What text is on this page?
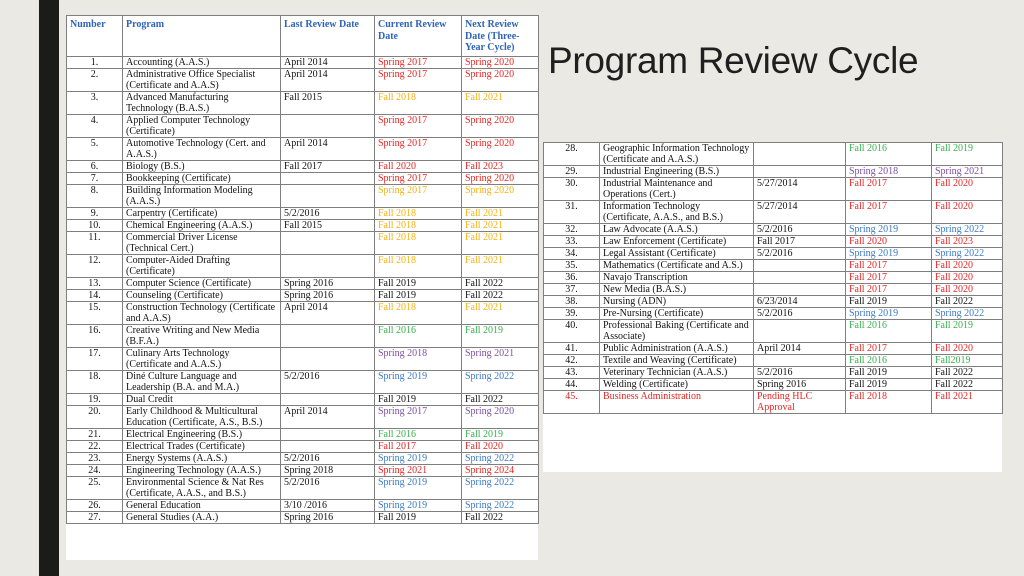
Program Review Cycle
Number	Program	Last Review Date	Current Review Date	Next Review Date (Three-Year Cycle)
1.	Accounting (A.A.S.)	April 2014	Spring 2017	Spring 2020
2.	Administrative Office Specialist (Certificate and A.A.S)	April 2014	Spring 2017	Spring 2020
3.	Advanced Manufacturing Technology (B.A.S.)	Fall 2015	Fall 2018	Fall 2021
4.	Applied Computer Technology (Certificate)		Spring 2017	Spring 2020
5.	Automotive Technology (Cert. and A.A.S.)	April 2014	Spring 2017	Spring 2020
6.	Biology (B.S.)	Fall 2017	Fall 2020	Fall 2023
7.	Bookkeeping (Certificate)		Spring 2017	Spring 2020
8.	Building Information Modeling (A.A.S.)		Spring 2017	Spring 2020
9.	Carpentry (Certificate)	5/2/2016	Fall 2018	Fall 2021
10.	Chemical Engineering (A.A.S.)	Fall 2015	Fall 2018	Fall 2021
11.	Commercial Driver License (Technical Cert.)		Fall 2018	Fall 2021
12.	Computer-Aided Drafting (Certificate)		Fall 2018	Fall 2021
13.	Computer Science (Certificate)	Spring 2016	Fall 2019	Fall 2022
14.	Counseling (Certificate)	Spring 2016	Fall 2019	Fall 2022
15.	Construction Technology (Certificate and A.A.S)	April 2014	Fall 2018	Fall 2021
16.	Creative Writing and New Media (B.F.A.)		Fall 2016	Fall 2019
17.	Culinary Arts Technology (Certificate and A.A.S.)		Spring 2018	Spring 2021
18.	Diné Culture Language and Leadership (B.A. and M.A.)	5/2/2016	Spring 2019	Spring 2022
19.	Dual Credit		Fall 2019	Fall 2022
20.	Early Childhood & Multicultural Education (Certificate, A.S., B.S.)	April 2014	Spring 2017	Spring 2020
21.	Electrical Engineering (B.S.)		Fall 2016	Fall 2019
22.	Electrical Trades (Certificate)		Fall 2017	Fall 2020
23.	Energy Systems (A.A.S.)	5/2/2016	Spring 2019	Spring 2022
24.	Engineering Technology (A.A.S.)	Spring 2018	Spring 2021	Spring 2024
25.	Environmental Science & Nat Res (Certificate, A.A.S., and B.S.)	5/2/2016	Spring 2019	Spring 2022
26.	General Education	3/10 /2016	Spring 2019	Spring 2022
27.	General Studies (A.A.)	Spring 2016	Fall 2019	Fall 2022
28.	Geographic Information Technology (Certificate and A.A.S.)		Fall 2016	Fall 2019
29.	Industrial Engineering (B.S.)		Spring 2018	Spring 2021
30.	Industrial Maintenance and Operations (Cert.)	5/27/2014	Fall 2017	Fall 2020
31.	Information Technology (Certificate, A.A.S., and B.S.)	5/27/2014	Fall 2017	Fall 2020
32.	Law Advocate (A.A.S.)	5/2/2016	Spring 2019	Spring 2022
33.	Law Enforcement (Certificate)	Fall 2017	Fall 2020	Fall 2023
34.	Legal Assistant (Certificate)	5/2/2016	Spring 2019	Spring 2022
35.	Mathematics (Certificate and A.S.)		Fall 2017	Fall 2020
36.	Navajo Transcription		Fall 2017	Fall 2020
37.	New Media (B.A.S.)		Fall 2017	Fall 2020
38.	Nursing (ADN)	6/23/2014	Fall 2019	Fall 2022
39.	Pre-Nursing (Certificate)	5/2/2016	Spring 2019	Spring 2022
40.	Professional Baking (Certificate and Associate)		Fall 2016	Fall 2019
41.	Public Administration (A.A.S.)	April 2014	Fall 2017	Fall 2020
42.	Textile and Weaving (Certificate)		Fall 2016	Fall2019
43.	Veterinary Technician (A.A.S.)	5/2/2016	Fall 2019	Fall 2022
44.	Welding (Certificate)	Spring 2016	Fall 2019	Fall 2022
45.	Business Administration	Pending HLC Approval	Fall 2018	Fall 2021
